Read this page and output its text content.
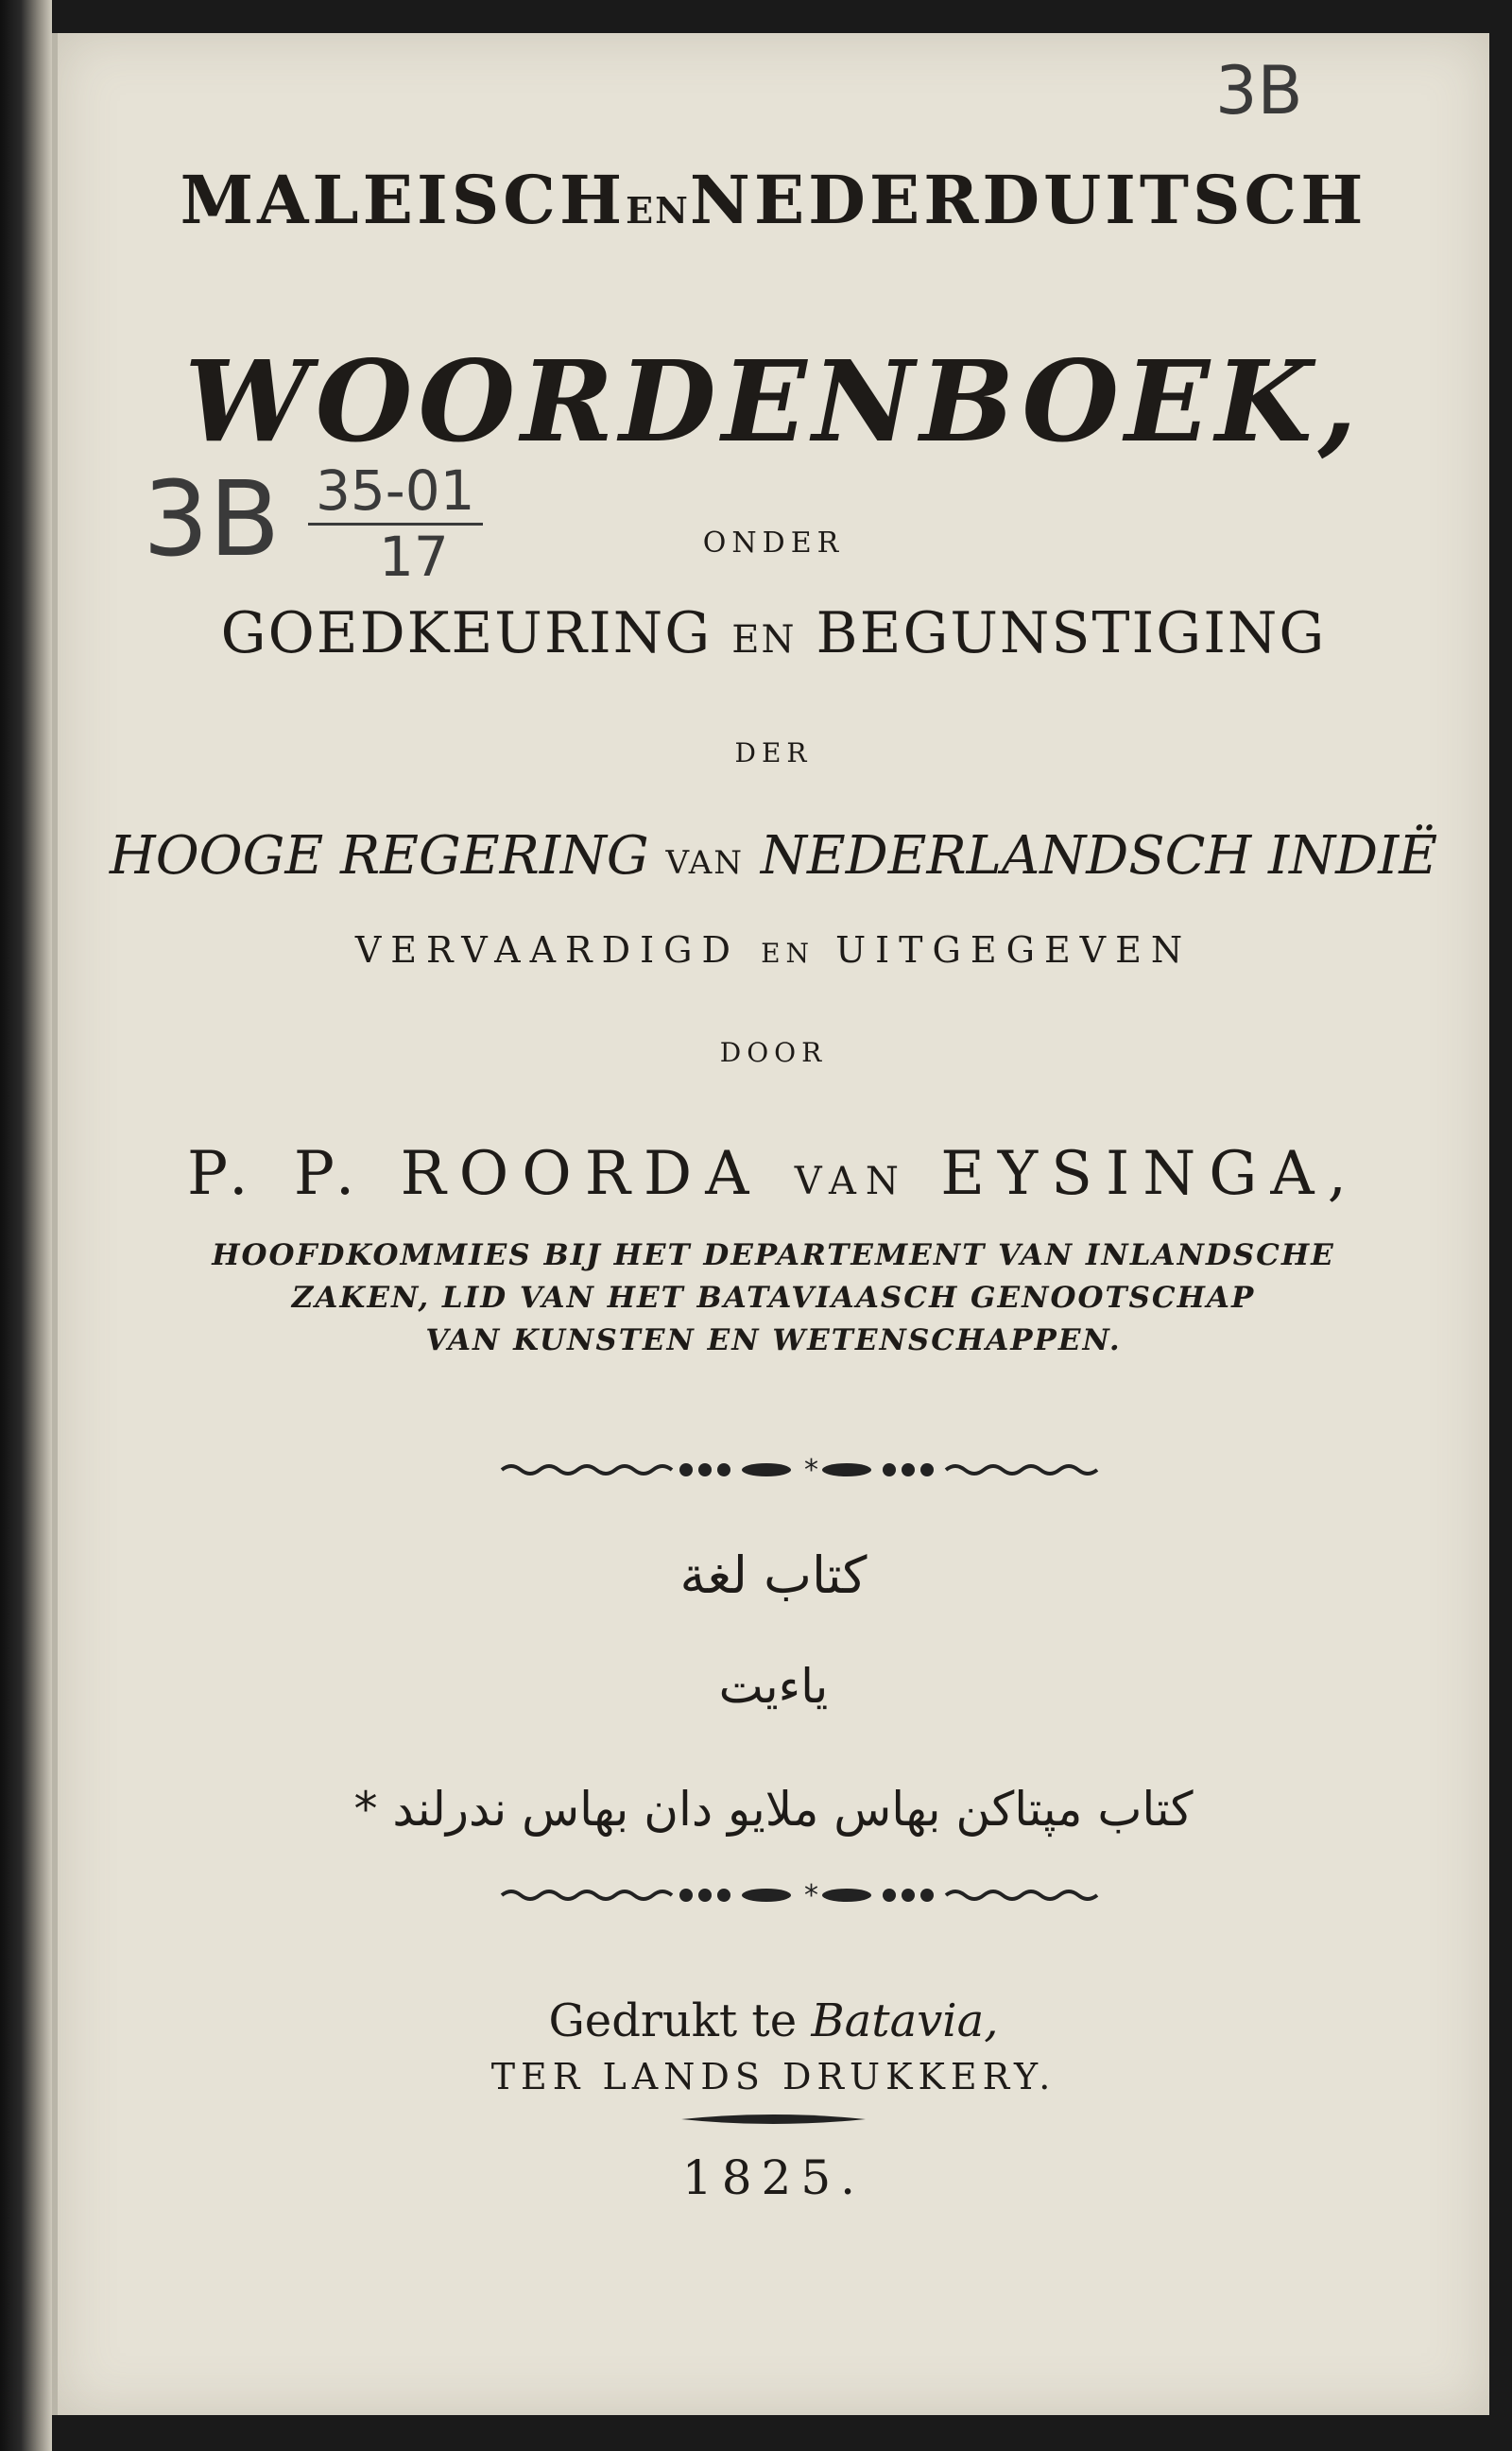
3B
3B 35-01
17
MALEISCHENNEDERDUITSCH
WOORDENBOEK,
ONDER
GOEDKEURING EN BEGUNSTIGING
DER
HOOGE REGERING VAN NEDERLANDSCH INDIË
VERVAARDIGD EN UITGEGEVEN
DOOR
P. P. ROORDA VAN EYSINGA,
HOOFDKOMMIES BIJ HET DEPARTEMENT VAN INLANDSCHE
ZAKEN, LID VAN HET BATAVIAASCH GENOOTSCHAP
VAN KUNSTEN EN WETENSCHAPPEN.
*
كتاب لغة
ياءيت
كتاب مپتاكن بهاس ملايو دان بهاس ندرلند *
*
Gedrukt te Batavia,
TER LANDS DRUKKERY.
1825.
